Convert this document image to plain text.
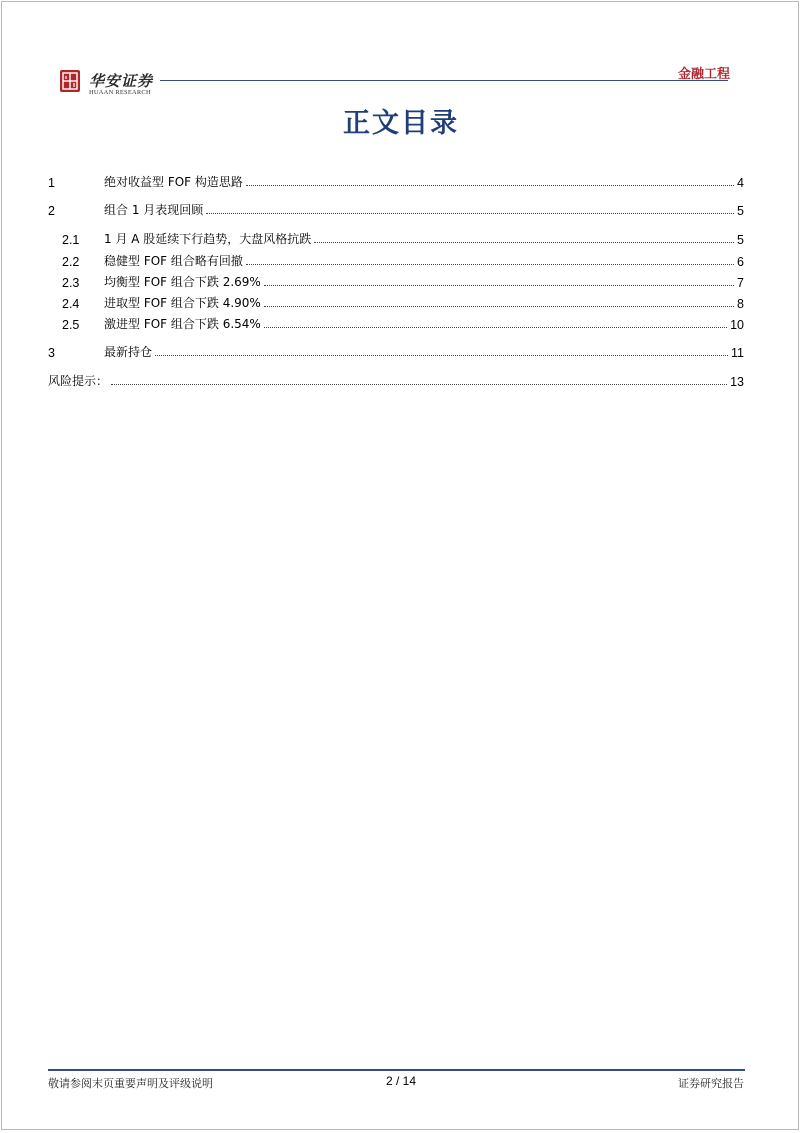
华安证券
HUAAN RESEARCH
金融工程
正文目录
1	绝对收益型 FOF 构造思路	4
2	组合 1 月表现回顾	5
2.1	1 月 A 股延续下行趋势，大盘风格抗跌	5
2.2	稳健型 FOF 组合略有回撤	6
2.3	均衡型 FOF 组合下跌 2.69%	7
2.4	进取型 FOF 组合下跌 4.90%	8
2.5	激进型 FOF 组合下跌 6.54%	10
3	最新持仓	11
风险提示：	13
敬请参阅末页重要声明及评级说明	2 / 14	证券研究报告
